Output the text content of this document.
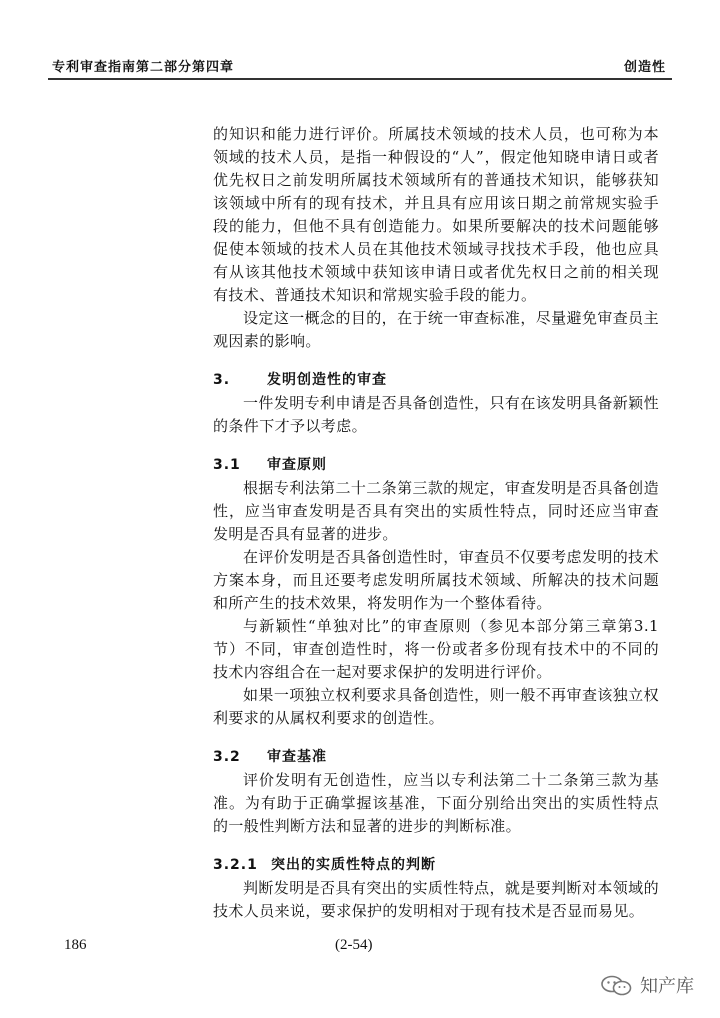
专利审查指南第二部分第四章	创造性

的知识和能力进行评价。所属技术领域的技术人员，也可称为本领域的技术人员，是指一种假设的“人”，假定他知晓申请日或者优先权日之前发明所属技术领域所有的普通技术知识，能够获知该领域中所有的现有技术，并且具有应用该日期之前常规实验手段的能力，但他不具有创造能力。如果所要解决的技术问题能够促使本领域的技术人员在其他技术领域寻找技术手段，他也应具有从该其他技术领域中获知该申请日或者优先权日之前的相关现有技术、普通技术知识和常规实验手段的能力。

设定这一概念的目的，在于统一审查标准，尽量避免审查员主观因素的影响。

3.	发明创造性的审查

一件发明专利申请是否具备创造性，只有在该发明具备新颖性的条件下才予以考虑。

3.1 审查原则

根据专利法第二十二条第三款的规定，审查发明是否具备创造性，应当审查发明是否具有突出的实质性特点，同时还应当审查发明是否具有显著的进步。

在评价发明是否具备创造性时，审查员不仅要考虑发明的技术方案本身，而且还要考虑发明所属技术领域、所解决的技术问题和所产生的技术效果，将发明作为一个整体看待。

与新颖性“单独对比”的审查原则（参见本部分第三章第3.1节）不同，审查创造性时，将一份或者多份现有技术中的不同的技术内容组合在一起对要求保护的发明进行评价。

如果一项独立权利要求具备创造性，则一般不再审查该独立权利要求的从属权利要求的创造性。

3.2 审查基准

评价发明有无创造性，应当以专利法第二十二条第三款为基准。为有助于正确掌握该基准，下面分别给出突出的实质性特点的一般性判断方法和显著的进步的判断标准。

3.2.1 突出的实质性特点的判断

判断发明是否具有突出的实质性特点，就是要判断对本领域的技术人员来说，要求保护的发明相对于现有技术是否显而易见。

186	(2-54)
知产库
